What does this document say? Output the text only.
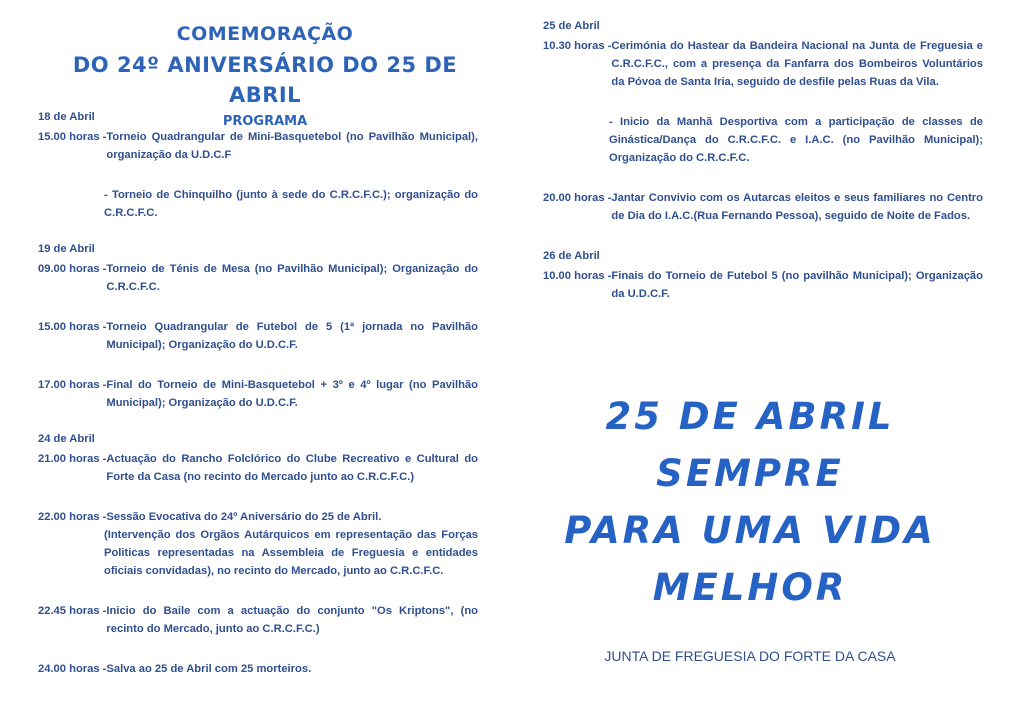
COMEMORAÇÃO
DO 24º ANIVERSÁRIO DO 25 DE ABRIL
PROGRAMA
18 de Abril
15.00 horas - Torneio Quadrangular de Mini-Basquetebol (no Pavilhão Municipal), organização da U.D.C.F
- Torneio de Chinquilho (junto à sede do C.R.C.F.C.); organização do C.R.C.F.C.
19 de Abril
09.00 horas - Torneio de Ténis de Mesa (no Pavilhão Municipal); Organização do C.R.C.F.C.
15.00 horas - Torneio Quadrangular de Futebol de 5 (1ª jornada no Pavilhão Municipal); Organização do U.D.C.F.
17.00 horas - Final do Torneio de Mini-Basquetebol + 3º e 4º lugar (no Pavilhão Municipal); Organização do U.D.C.F.
24 de Abril
21.00 horas - Actuação do Rancho Folclórico do Clube Recreativo e Cultural do Forte da Casa (no recinto do Mercado junto ao C.R.C.F.C.)
22.00 horas - Sessão Evocativa do 24º Aniversário do 25 de Abril.
(Intervenção dos Orgãos Autárquicos em representação das Forças Politicas representadas na Assembleia de Freguesia e entidades oficiais convidadas), no recinto do Mercado, junto ao C.R.C.F.C.
22.45 horas - Inicio do Baile com a actuação do conjunto "Os Kriptons", (no recinto do Mercado, junto ao C.R.C.F.C.)
24.00 horas - Salva ao 25 de Abril com 25 morteiros.
25 de Abril
10.30 horas - Cerimónia do Hastear da Bandeira Nacional na Junta de Freguesia e C.R.C.F.C., com a presença da Fanfarra dos Bombeiros Voluntários da Póvoa de Santa Iria, seguido de desfile pelas Ruas da Vila.
- Inicio da Manhã Desportiva com a participação de classes de Ginástica/Dança do C.R.C.F.C. e I.A.C. (no Pavilhão Municipal); Organização do C.R.C.F.C.
20.00 horas - Jantar Convivio com os Autarcas eleitos e seus familiares no Centro de Dia do I.A.C.(Rua Fernando Pessoa), seguido de Noite de Fados.
26 de Abril
10.00 horas - Finais do Torneio de Futebol 5 (no pavilhão Municipal); Organização da U.D.C.F.
25 DE ABRIL
SEMPRE
PARA UMA VIDA
MELHOR
JUNTA DE FREGUESIA DO FORTE DA CASA
